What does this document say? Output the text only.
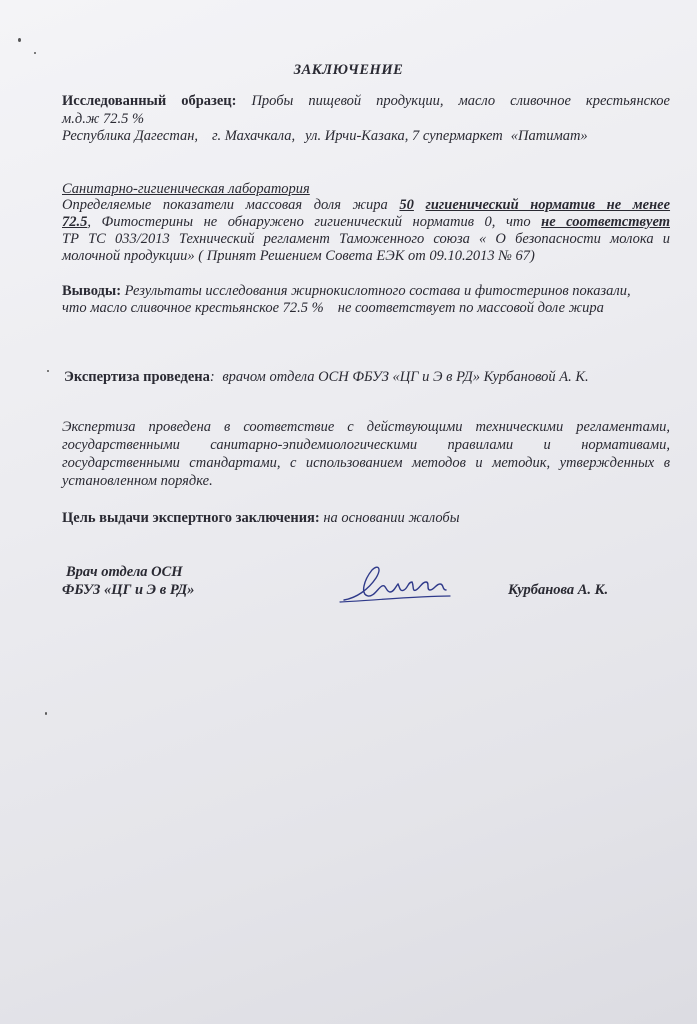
ЗАКЛЮЧЕНИЕ
Исследованный образец: Пробы пищевой продукции, масло сливочное крестьянское
м.д.ж 72.5 %
Республика Дагестан, г. Махачкала, ул. Ирчи-Казака, 7 супермаркет «Патимат»
Санитарно-гигиеническая лаборатория
Определяемые показатели массовая доля жира 50 гигиенический норматив не менее
72.5, Фитостерины не обнаружено гигиенический норматив 0, что не соответствует
ТР ТС 033/2013 Технический регламент Таможенного союза « О безопасности молока и
молочной продукции» ( Принят Решением Совета ЕЭК от 09.10.2013 № 67)
Выводы: Результаты исследования жирнокислотного состава и фитостеринов показали,
что масло сливочное крестьянское 72.5 % не соответствует по массовой доле жира
Экспертиза проведена: врачом отдела ОСН ФБУЗ «ЦГ и Э в РД» Курбановой А. К.
Экспертиза проведена в соответствие с действующими техническими регламентами,
государственными санитарно-эпидемиологическими правилами и нормативами,
государственными стандартами, с использованием методов и методик, утвержденных в
установленном порядке.
Цель выдачи экспертного заключения: на основании жалобы
Врач отдела ОСН
ФБУЗ «ЦГ и Э в РД»	Курбанова А. К.
